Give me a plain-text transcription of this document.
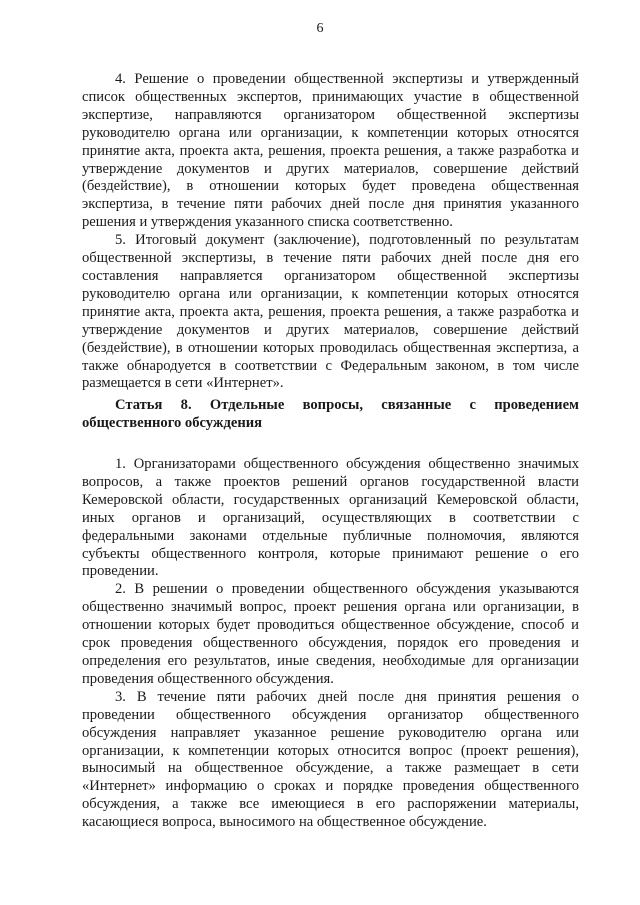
6

4. Решение о проведении общественной экспертизы и утвержденный список общественных экспертов, принимающих участие в общественной экспертизе, направляются организатором общественной экспертизы руководителю органа или организации, к компетенции которых относятся принятие акта, проекта акта, решения, проекта решения, а также разработка и утверждение документов и других материалов, совершение действий (бездействие), в отношении которых будет проведена общественная экспертиза, в течение пяти рабочих дней после дня принятия указанного решения и утверждения указанного списка соответственно.

5. Итоговый документ (заключение), подготовленный по результатам общественной экспертизы, в течение пяти рабочих дней после дня его составления направляется организатором общественной экспертизы руководителю органа или организации, к компетенции которых относятся принятие акта, проекта акта, решения, проекта решения, а также разработка и утверждение документов и других материалов, совершение действий (бездействие), в отношении которых проводилась общественная экспертиза, а также обнародуется в соответствии с Федеральным законом, в том числе размещается в сети «Интернет».

Статья 8. Отдельные вопросы, связанные с проведением общественного обсуждения

1. Организаторами общественного обсуждения общественно значимых вопросов, а также проектов решений органов государственной власти Кемеровской области, государственных организаций Кемеровской области, иных органов и организаций, осуществляющих в соответствии с федеральными законами отдельные публичные полномочия, являются субъекты общественного контроля, которые принимают решение о его проведении.

2. В решении о проведении общественного обсуждения указываются общественно значимый вопрос, проект решения органа или организации, в отношении которых будет проводиться общественное обсуждение, способ и срок проведения общественного обсуждения, порядок его проведения и определения его результатов, иные сведения, необходимые для организации проведения общественного обсуждения.

3. В течение пяти рабочих дней после дня принятия решения о проведении общественного обсуждения организатор общественного обсуждения направляет указанное решение руководителю органа или организации, к компетенции которых относится вопрос (проект решения), выносимый на общественное обсуждение, а также размещает в сети «Интернет» информацию о сроках и порядке проведения общественного обсуждения, а также все имеющиеся в его распоряжении материалы, касающиеся вопроса, выносимого на общественное обсуждение.
